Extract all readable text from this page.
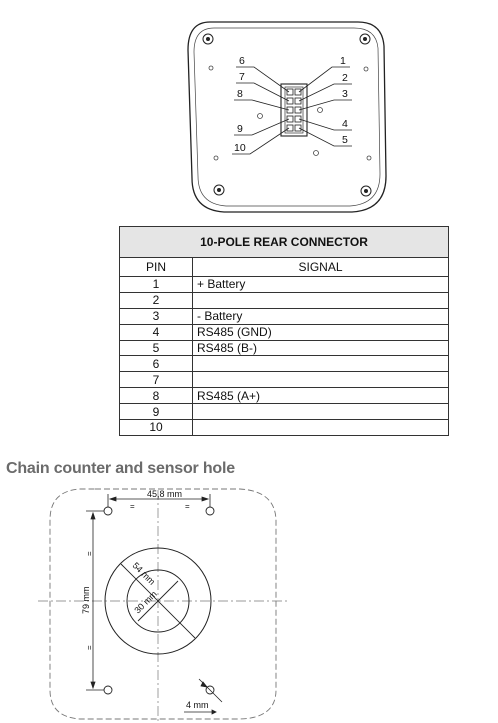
6
7
8
9
10
1
2
3
4
5
10-POLE REAR CONNECTOR	
PIN	SIGNAL
1	+ Battery
2	
3	- Battery
4	RS485 (GND)
5	RS485 (B-)
6	
7	
8	RS485 (A+)
9	
10	
Chain counter and sensor hole
54 mm
30 mm
45,8 mm
=	=
79 mm
=
=
4 mm
